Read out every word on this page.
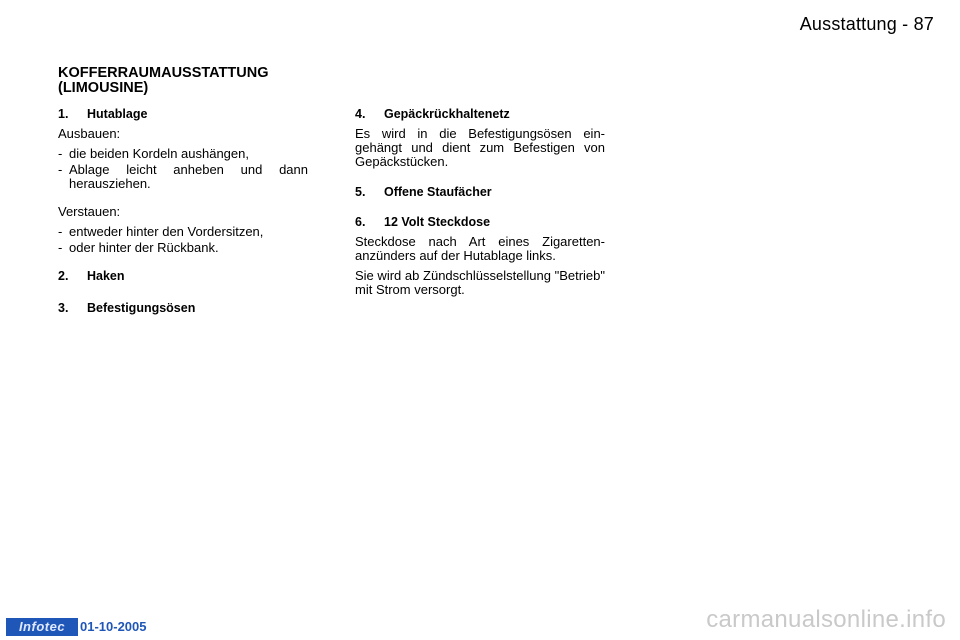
Ausstattung - 87
KOFFERRAUMAUSSTATTUNG
(LIMOUSINE)
1. Hutablage
Ausbauen:
- die beiden Kordeln aushängen,
- Ablage leicht anheben und dann herausziehen.
Verstauen:
- entweder hinter den Vordersitzen,
- oder hinter der Rückbank.
2. Haken
3. Befestigungsösen
4. Gepäckrückhaltenetz
Es wird in die Befestigungsösen ein-gehängt und dient zum Befestigen von Gepäckstücken.
5. Offene Staufächer
6. 12 Volt Steckdose
Steckdose nach Art eines Zigaretten-anzünders auf der Hutablage links.
Sie wird ab Zündschlüsselstellung "Betrieb" mit Strom versorgt.
Infotec	01-10-2005	carmanualsonline.info
